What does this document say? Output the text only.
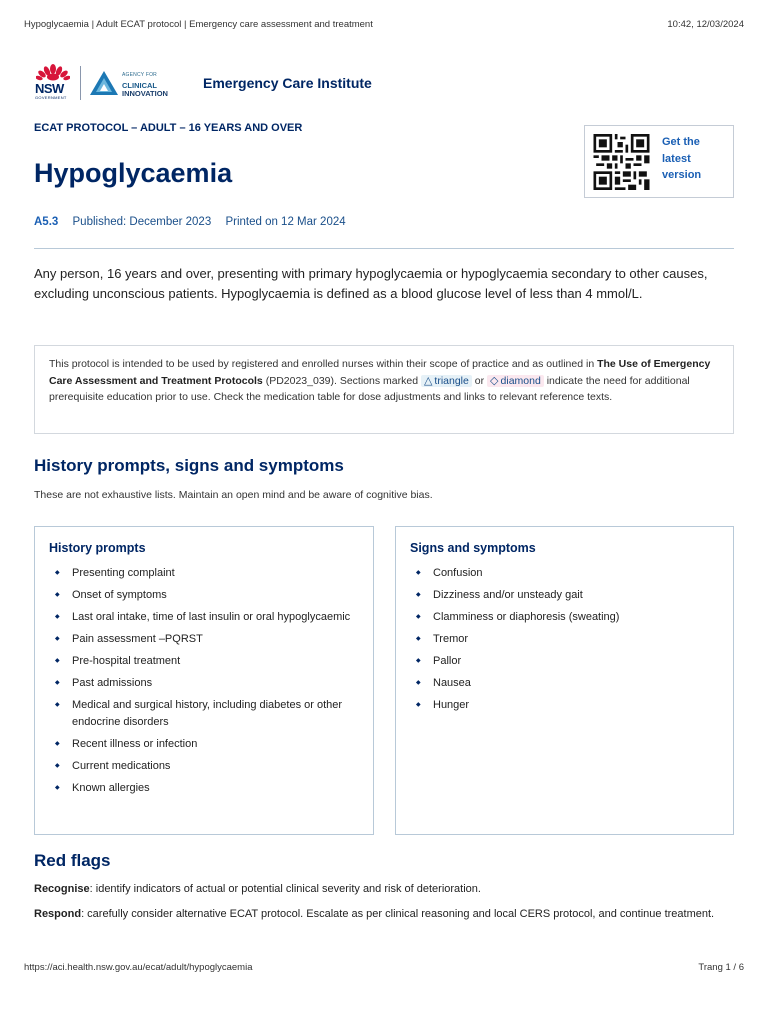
Hypoglycaemia | Adult ECAT protocol | Emergency care assessment and treatment	10:42, 12/03/2024
NSW
GOVERNMENT
AGENCY FOR
CLINICAL
INNOVATION
Emergency Care Institute
ECAT PROTOCOL – ADULT – 16 YEARS AND OVER
Hypoglycaemia
Get the
latest
version
A5.3 Published: December 2023 Printed on 12 Mar 2024

Any person, 16 years and over, presenting with primary hypoglycaemia or hypoglycaemia secondary to other causes, excluding unconscious patients. Hypoglycaemia is defined as a blood glucose level of less than 4 mmol/L.

This protocol is intended to be used by registered and enrolled nurses within their scope of practice and as outlined in The Use of Emergency Care Assessment and Treatment Protocols (PD2023_039). Sections marked △ triangle or ◇ diamond indicate the need for additional prerequisite education prior to use. Check the medication table for dose adjustments and links to relevant reference texts.
History prompts, signs and symptoms

These are not exhaustive lists. Maintain an open mind and be aware of cognitive bias.

History prompts
◆ Presenting complaint
◆ Onset of symptoms
◆ Last oral intake, time of last insulin or oral hypoglycaemic
◆ Pain assessment –PQRST
◆ Pre-hospital treatment
◆ Past admissions
◆ Medical and surgical history, including diabetes or other endocrine disorders
◆ Recent illness or infection
◆ Current medications
◆ Known allergies
Signs and symptoms
◆ Confusion
◆ Dizziness and/or unsteady gait
◆ Clamminess or diaphoresis (sweating)
◆ Tremor
◆ Pallor
◆ Nausea
◆ Hunger
Red flags

Recognise: identify indicators of actual or potential clinical severity and risk of deterioration.

Respond: carefully consider alternative ECAT protocol. Escalate as per clinical reasoning and local CERS protocol, and continue treatment.

https://aci.health.nsw.gov.au/ecat/adult/hypoglycaemia	Trang 1 / 6
